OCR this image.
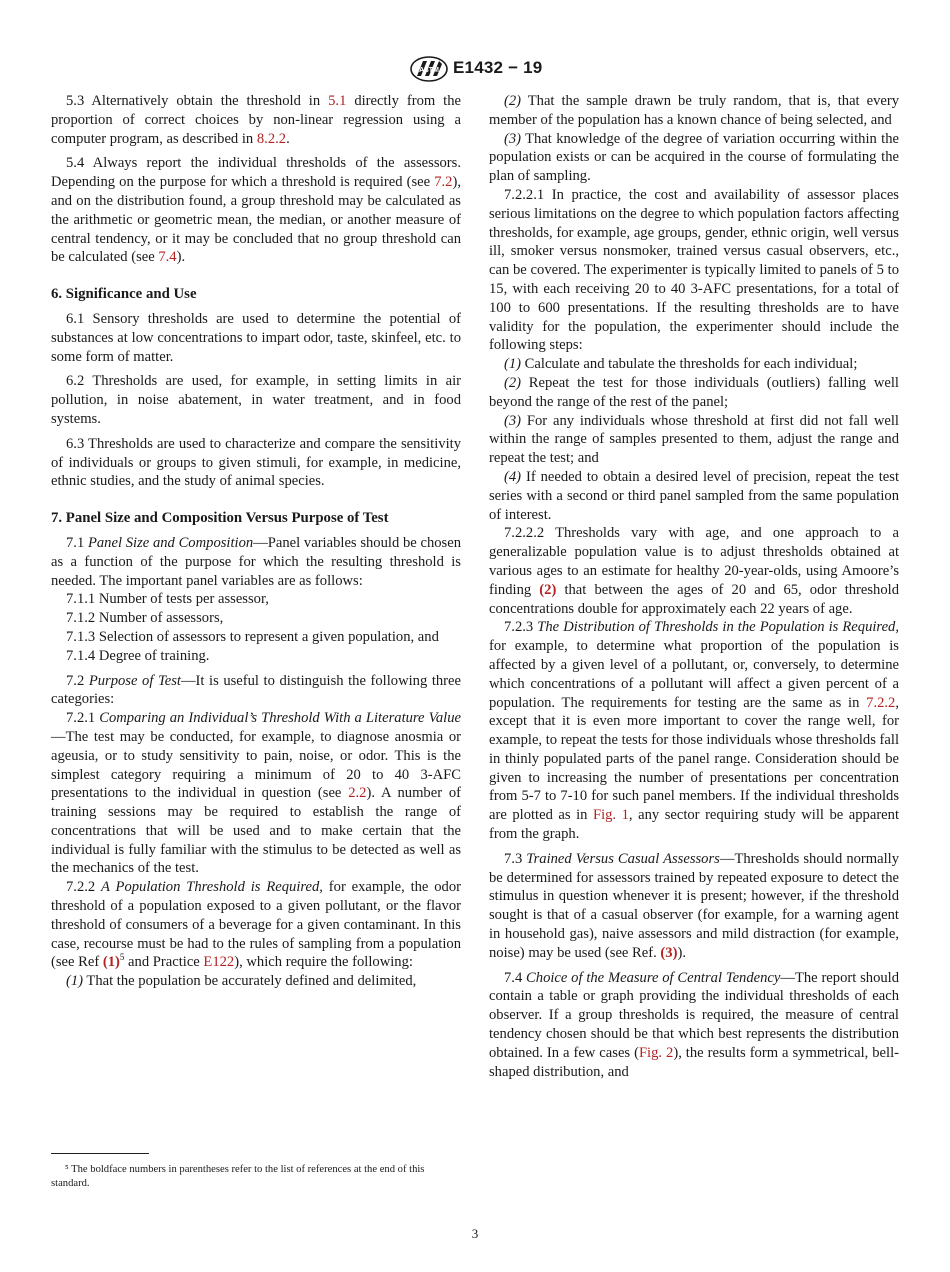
ASTM E1432 − 19

5.3 Alternatively obtain the threshold in 5.1 directly from the proportion of correct choices by non-linear regression using a computer program, as described in 8.2.2.

5.4 Always report the individual thresholds of the assessors. Depending on the purpose for which a threshold is required (see 7.2), and on the distribution found, a group threshold may be calculated as the arithmetic or geometric mean, the median, or another measure of central tendency, or it may be concluded that no group threshold can be calculated (see 7.4).

6. Significance and Use

6.1 Sensory thresholds are used to determine the potential of substances at low concentrations to impart odor, taste, skinfeel, etc. to some form of matter.

6.2 Thresholds are used, for example, in setting limits in air pollution, in noise abatement, in water treatment, and in food systems.

6.3 Thresholds are used to characterize and compare the sensitivity of individuals or groups to given stimuli, for example, in medicine, ethnic studies, and the study of animal species.

7. Panel Size and Composition Versus Purpose of Test

7.1 Panel Size and Composition—Panel variables should be chosen as a function of the purpose for which the resulting threshold is needed. The important panel variables are as follows:

7.1.1 Number of tests per assessor,

7.1.2 Number of assessors,

7.1.3 Selection of assessors to represent a given population, and

7.1.4 Degree of training.

7.2 Purpose of Test—It is useful to distinguish the following three categories:

7.2.1 Comparing an Individual’s Threshold With a Literature Value—The test may be conducted, for example, to diagnose anosmia or ageusia, or to study sensitivity to pain, noise, or odor. This is the simplest category requiring a minimum of 20 to 40 3-AFC presentations to the individual in question (see 2.2). A number of training sessions may be required to establish the range of concentrations that will be used and to make certain that the individual is fully familiar with the stimulus to be detected as well as the mechanics of the test.

7.2.2 A Population Threshold is Required, for example, the odor threshold of a population exposed to a given pollutant, or the flavor threshold of consumers of a beverage for a given contaminant. In this case, recourse must be had to the rules of sampling from a population (see Ref $(1)^5$ and Practice E122), which require the following:

(1) That the population be accurately defined and delimited,

⁵ The boldface numbers in parentheses refer to the list of references at the end of this standard.

(2) That the sample drawn be truly random, that is, that every member of the population has a known chance of being selected, and

(3) That knowledge of the degree of variation occurring within the population exists or can be acquired in the course of formulating the plan of sampling.

7.2.2.1 In practice, the cost and availability of assessor places serious limitations on the degree to which population factors affecting thresholds, for example, age groups, gender, ethnic origin, well versus ill, smoker versus nonsmoker, trained versus casual observers, etc., can be covered. The experimenter is typically limited to panels of 5 to 15, with each receiving 20 to 40 3-AFC presentations, for a total of 100 to 600 presentations. If the resulting thresholds are to have validity for the population, the experimenter should include the following steps:

(1) Calculate and tabulate the thresholds for each individual;

(2) Repeat the test for those individuals (outliers) falling well beyond the range of the rest of the panel;

(3) For any individuals whose threshold at first did not fall well within the range of samples presented to them, adjust the range and repeat the test; and

(4) If needed to obtain a desired level of precision, repeat the test series with a second or third panel sampled from the same population of interest.

7.2.2.2 Thresholds vary with age, and one approach to a generalizable population value is to adjust thresholds obtained at various ages to an estimate for healthy 20-year-olds, using Amoore’s finding (2) that between the ages of 20 and 65, odor threshold concentrations double for approximately each 22 years of age.

7.2.3 The Distribution of Thresholds in the Population is Required, for example, to determine what proportion of the population is affected by a given level of a pollutant, or, conversely, to determine which concentrations of a pollutant will affect a given percent of a population. The requirements for testing are the same as in 7.2.2, except that it is even more important to cover the range well, for example, to repeat the tests for those individuals whose thresholds fall in thinly populated parts of the panel range. Consideration should be given to increasing the number of presentations per concentration from 5-7 to 7-10 for such panel members. If the individual thresholds are plotted as in Fig. 1, any sector requiring study will be apparent from the graph.

7.3 Trained Versus Casual Assessors—Thresholds should normally be determined for assessors trained by repeated exposure to detect the stimulus in question whenever it is present; however, if the threshold sought is that of a casual observer (for example, for a warning agent in household gas), naive assessors and mild distraction (for example, noise) may be used (see Ref. (3)).

7.4 Choice of the Measure of Central Tendency—The report should contain a table or graph providing the individual thresholds of each observer. If a group thresholds is required, the measure of central tendency chosen should be that which best represents the distribution obtained. In a few cases (Fig. 2), the results form a symmetrical, bell-shaped distribution, and

3
